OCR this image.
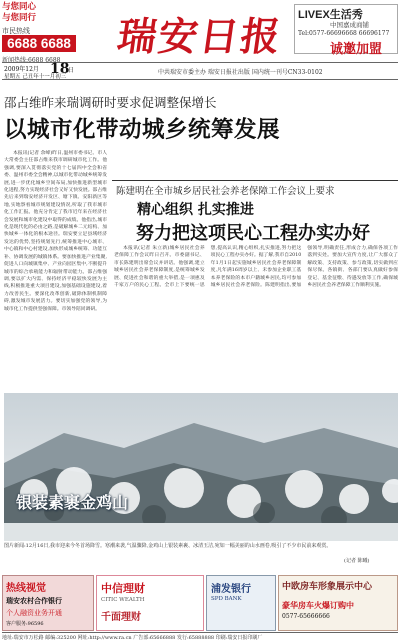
与您同心
与您同行
市民热线
6688 6688
新闻热线:6688 6688
瑞安日报 LIVEX生活秀
中国嘉成商铺
Tel:0577-66696668 66696177
诚邀加盟
2009年12月 18
日
星期五 己丑年十一月初三
中共瑞安市委主办 瑞安日报社出版 国内统一刊号CN33-0102
邵占维昨来瑞调研时要求促调整保增长
以城市化带动城乡统筹发展

本报讯(记者 余峰)昨日,温州市委书记、市人大常委会主任邵占维来我市调研城市化工作。他强调,要深入贯彻落实党的十七届四中全会和省委、温州市委全会精神,以城市化带动城乡统筹发展,进一步优化城乡空间布局,加快推进新型城市化进程,努力实现经济社会又好又快发展。邵占维先后来到瑞安经济开发区、塘下镇、安阳新区等地,实地察看城市规划建设情况,听取了我市城市化工作汇报。他充分肯定了我市近年来在经济社会发展和城市化建设中取得的成绩。他指出,城市化是现代化的必由之路,是破解城乡二元结构、加快城乡一体化的根本途径。瑞安要立足县域经济发达的优势,坚持规划先行,统筹推进中心城市、中心镇和中心村建设,加快形成城乡统筹、功能互补、协调发展的城镇体系。要加快推进产业集聚,促进人口向城镇集中、产业向园区集中,不断提升城市的综合承载能力和辐射带动能力。邵占维强调,要以扩大内需、保持经济平稳较快发展为主线,积极推进重大项目建设,加强基础设施建设,着力改善民生。要深化改革创新,破除体制机制障碍,激发城市发展活力。要切实加强党的领导,为城市化工作提供坚强保障。市领导陪同调研。

陈建明在全市城乡居民社会养老保障工作会议上要求
精心组织 扎实推进
努力把这项民心工程办实办好

本报讯(记者 朱立新)城乡居民社会养老保障工作会议昨日召开。市委副书记、市长陈建明出席会议并讲话。他强调,建立城乡居民社会养老保障制度,是统筹城乡发展、促进社会和谐的重大举措,是一项惠及千家万户的民心工程。全市上下要统一思想,提高认识,精心组织,扎实推进,努力把这项民心工程办实办好。据了解,我市自2010年1月1日起实施城乡居民社会养老保障制度,凡年满16周岁以上、未参加企业职工基本养老保险的本市户籍城乡居民,均可参加城乡居民社会养老保险。陈建明指出,要加强领导,明确责任,形成合力,确保各项工作落到实处。要加大宣传力度,让广大群众了解政策、支持政策、参与政策,切实做到应保尽保。各镇街、各部门要认真做好参保登记、基金征缴、待遇发放等工作,确保城乡居民社会养老保障工作顺利实施。

银装素裹金鸡山
图片新闻:12月16日,我市迎来今冬首场降雪。寒潮来袭,气温骤降,金鸡山上银装素裹、冰清玉洁,宛如一幅美丽的山水画卷,吸引了不少市民前来观赏。
(记者 陈曦)
热线视觉
瑞安农村合作银行
个人融资业务开通
客户服务:96596
中信理财
CITIC WEALTH
千面理财
浦发银行
SPD BANK
中欧房车形象展示中心
豪华房车火爆订购中
0577-65666666
地址:瑞安市万松路 邮编:325200 网址:http://www.ra.cn 广告部:65666888 发行:65888888 印刷:瑞安日报印刷厂
